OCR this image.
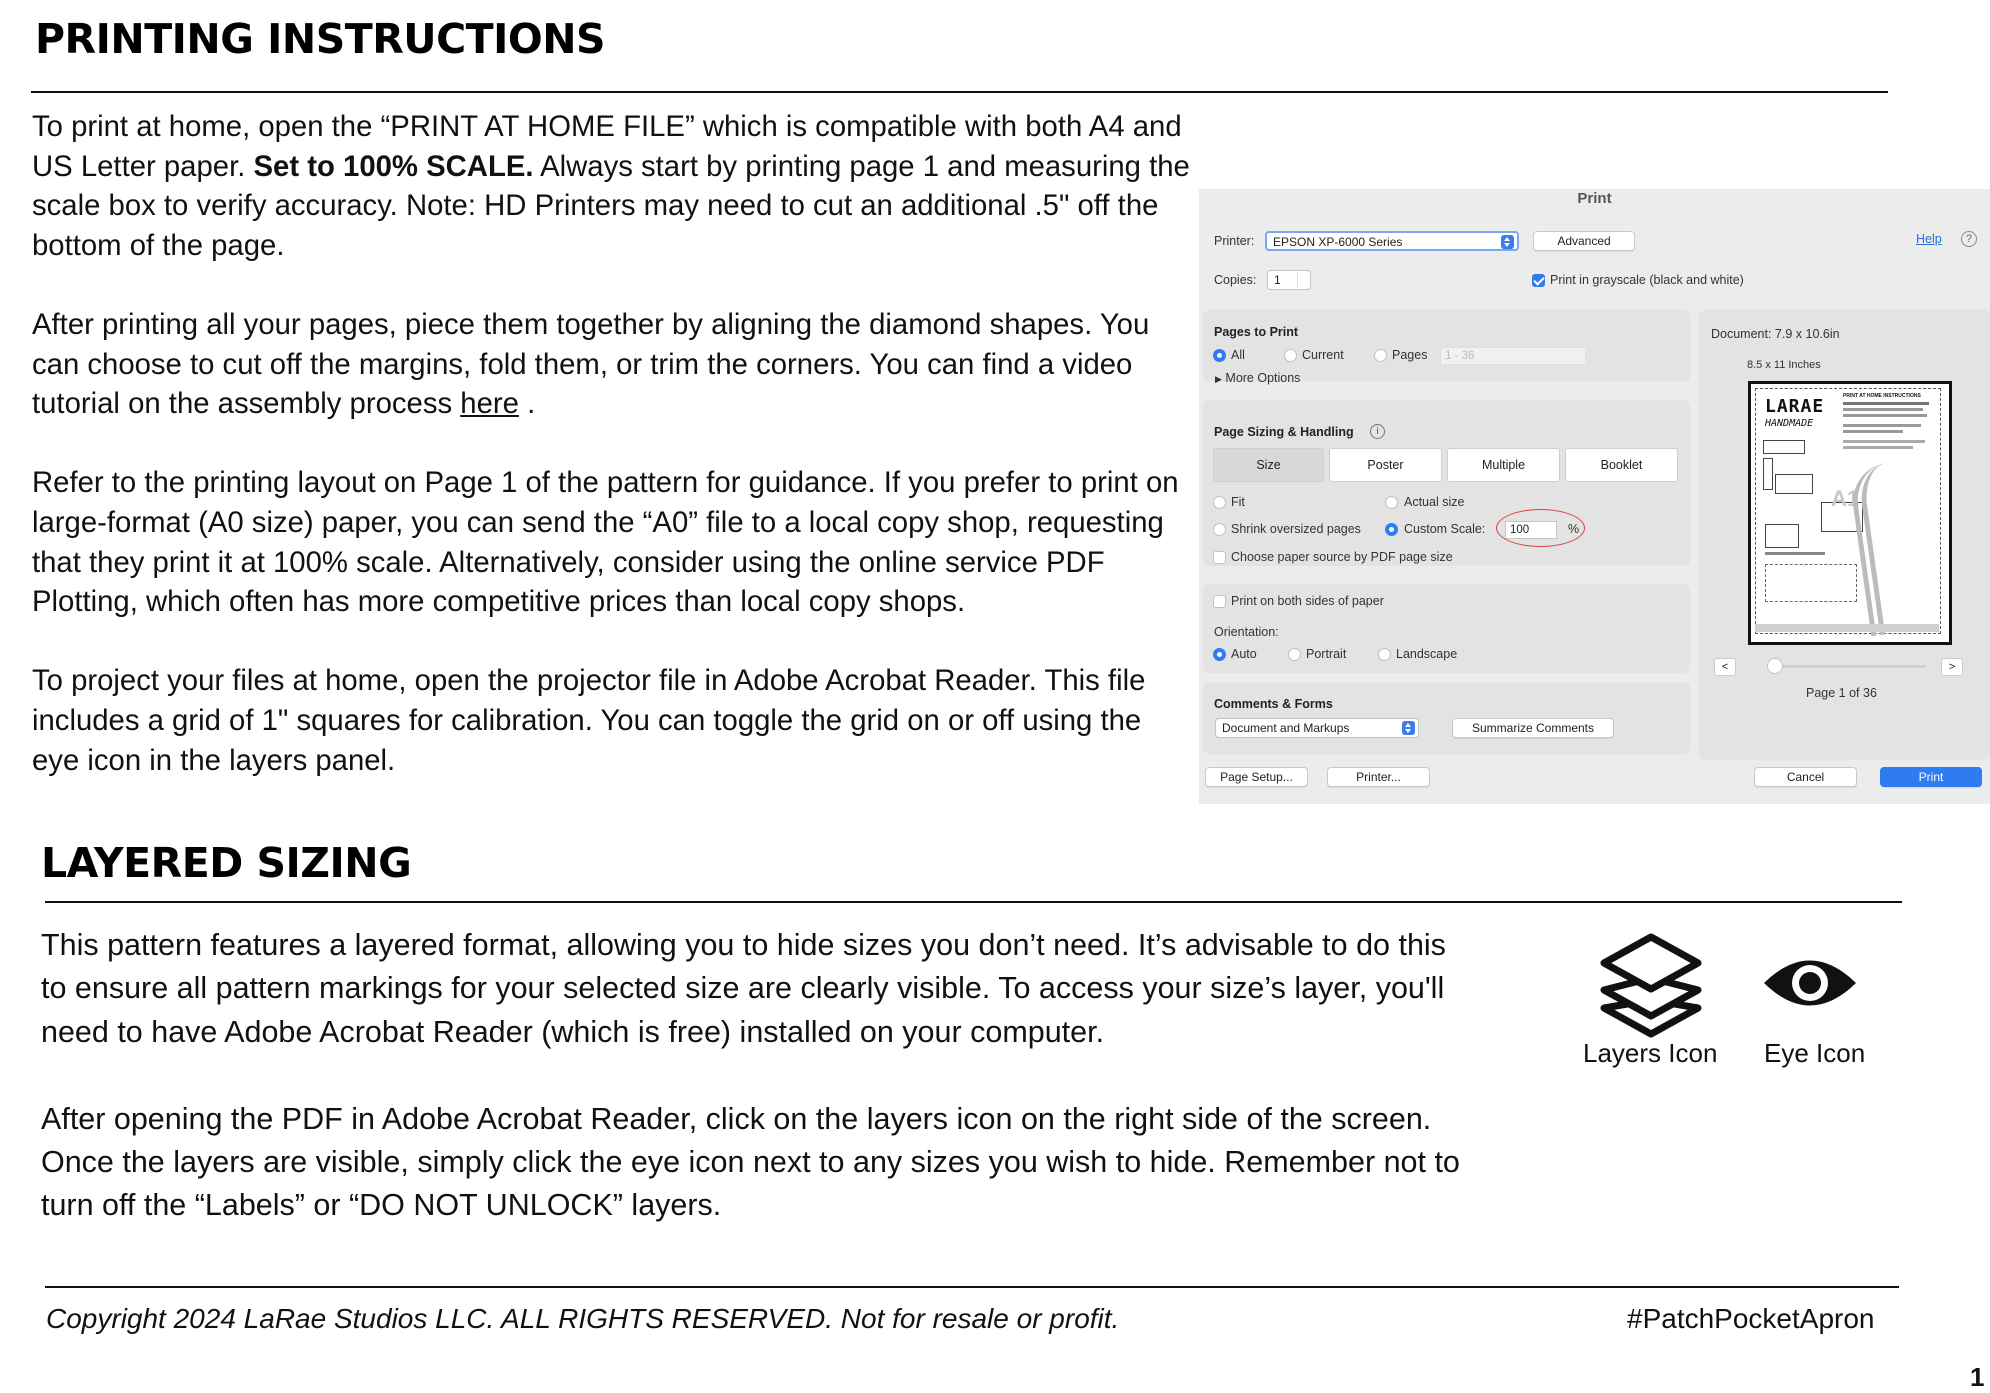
PRINTING INSTRUCTIONS

To print at home, open the “PRINT AT HOME FILE” which is compatible with both A4 and US Letter paper. Set to 100% SCALE. Always start by printing page 1 and measuring the scale box to verify accuracy. Note: HD Printers may need to cut an additional .5" off the bottom of the page.

After printing all your pages, piece them together by aligning the diamond shapes. You can choose to cut off the margins, fold them, or trim the corners. You can find a video tutorial on the assembly process here .

Refer to the printing layout on Page 1 of the pattern for guidance. If you prefer to print on large-format (A0 size) paper, you can send the “A0” file to a local copy shop, requesting that they print it at 100% scale. Alternatively, consider using the online service PDF Plotting, which often has more competitive prices than local copy shops.

To project your files at home, open the projector file in Adobe Acrobat Reader. This file includes a grid of 1" squares for calibration. You can toggle the grid on or off using the eye icon in the layers panel.

Print
Printer:	EPSON XP-6000 Series	Advanced	Help	?
Copies:	1	Print in grayscale (black and white)
Pages to Print
All	Current	Pages	1 - 36
▶ More Options
Page Sizing & Handling	i
Size	Poster	Multiple	Booklet
Fit	Actual size
Shrink oversized pages	Custom Scale:	100	%
Choose paper source by PDF page size
Print on both sides of paper
Orientation:
Auto	Portrait	Landscape
Comments & Forms
Document and Markups	Summarize Comments
Page Setup...	Printer...	Cancel	Print
Document: 7.9 x 10.6in
8.5 x 11 Inches
<	>
Page 1 of 36
LARAE
HANDMADE
PRINT AT HOME INSTRUCTIONS
A1
LAYERED SIZING

This pattern features a layered format, allowing you to hide sizes you don’t need. It’s advisable to do this to ensure all pattern markings for your selected size are clearly visible. To access your size’s layer, you'll need to have Adobe Acrobat Reader (which is free) installed on your computer.

After opening the PDF in Adobe Acrobat Reader, click on the layers icon on the right side of the screen. Once the layers are visible, simply click the eye icon next to any sizes you wish to hide. Remember not to turn off the “Labels” or “DO NOT UNLOCK” layers.

Layers Icon Eye Icon
Copyright 2024 LaRae Studios LLC. ALL RIGHTS RESERVED. Not for resale or profit.	#PatchPocketApron
1
